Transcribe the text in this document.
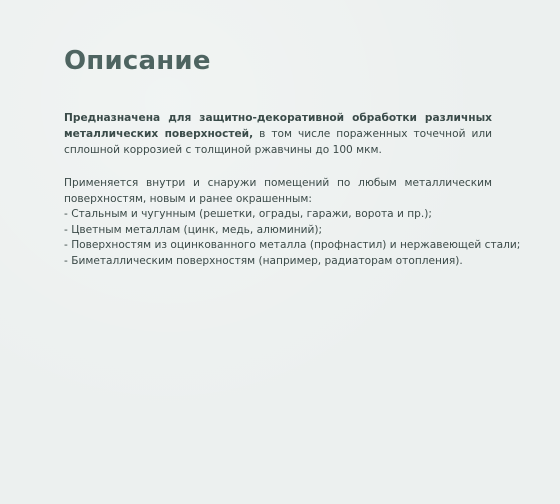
Описание

Предназначена для защитно-декоративной обработки различных металлических поверхностей, в том числе пораженных точечной или сплошной коррозией с толщиной ржавчины до 100 мкм.

Применяется внутри и снаружи помещений по любым металлическим поверхностям, новым и ранее окрашенным:

- Стальным и чугунным (решетки, ограды, гаражи, ворота и пр.);
- Цветным металлам (цинк, медь, алюминий);
- Поверхностям из оцинкованного металла (профнастил) и нержавеющей стали;
- Биметаллическим поверхностям (например, радиаторам отопления).
